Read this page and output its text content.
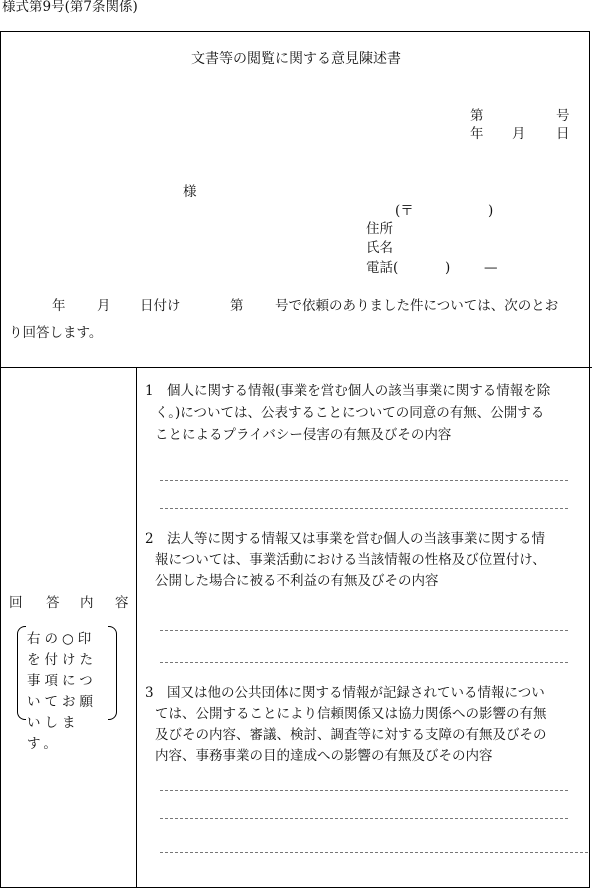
様式第9号(第7条関係)
文書等の閲覧に関する意見陳述書
第	号
年 月 日
様
(〒	)
住所
氏名
電話(	) —
年 月 日付け	第 号で依頼のありました件については、次のとお
り回答します。
回 答 内 容
右の○印を付けた事項についてお願いします。
1 個人に関する情報(事業を営む個人の該当事業に関する情報を除
く。)については、公表することについての同意の有無、公開する
ことによるプライバシー侵害の有無及びその内容
2 法人等に関する情報又は事業を営む個人の当該事業に関する情
報については、事業活動における当該情報の性格及び位置付け、
公開した場合に被る不利益の有無及びその内容
3 国又は他の公共団体に関する情報が記録されている情報につい
ては、公開することにより信頼関係又は協力関係への影響の有無
及びその内容、審議、検討、調査等に対する支障の有無及びその
内容、事務事業の目的達成への影響の有無及びその内容
